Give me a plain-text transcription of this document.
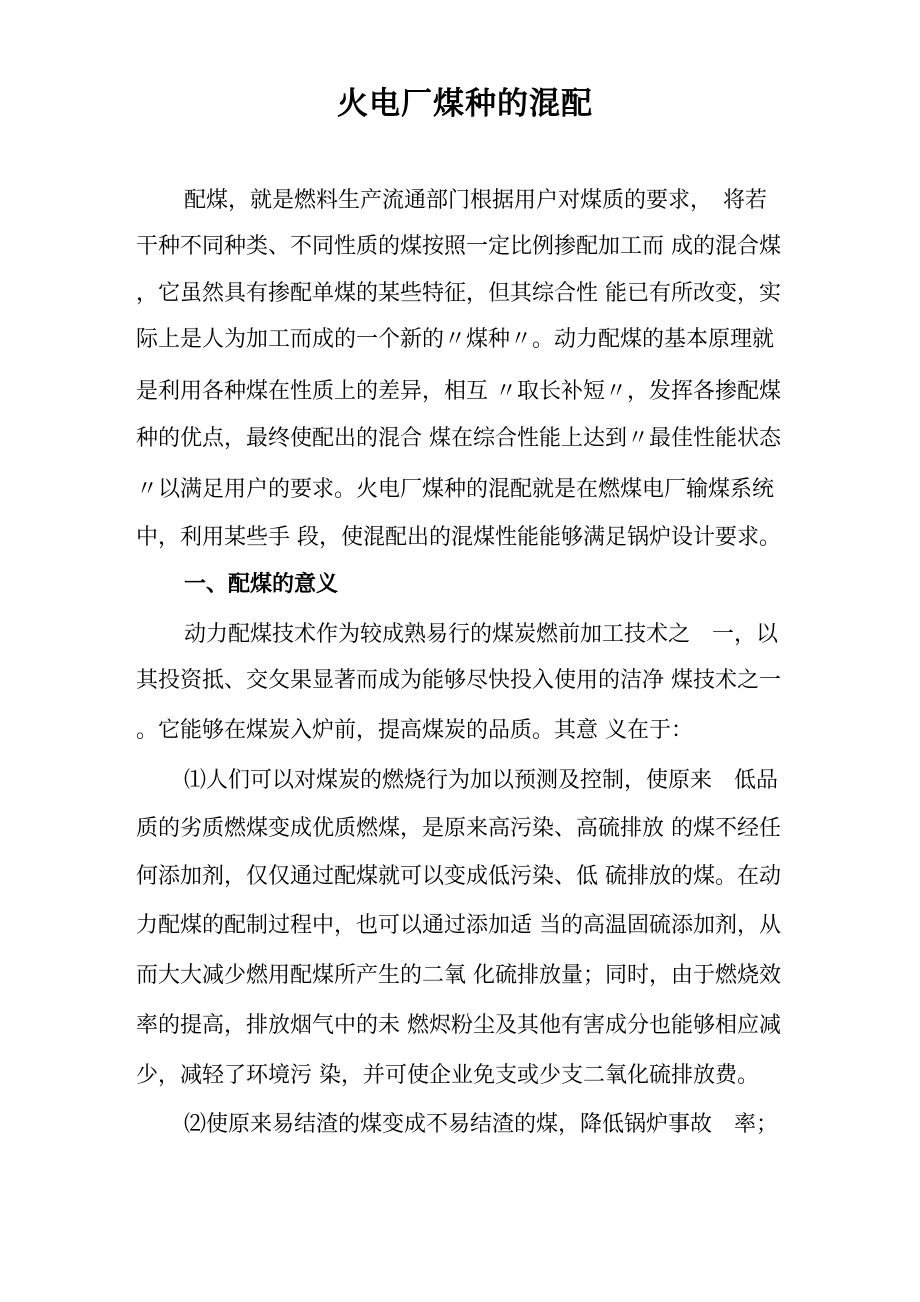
火电厂煤种的混配
配煤，就是燃料生产流通部门根据用户对煤质的要求，　将若
干种不同种类、不同性质的煤按照一定比例掺配加工而 成的混合煤
，它虽然具有掺配单煤的某些特征，但其综合性 能已有所改变，实
际上是人为加工而成的一个新的〃煤种〃。动力配煤的基本原理就
是利用各种煤在性质上的差异，相互 〃取长补短〃，发挥各掺配煤
种的优点，最终使配出的混合 煤在综合性能上达到〃最佳性能状态
〃以满足用户的要求。火电厂煤种的混配就是在燃煤电厂输煤系统
中，利用某些手 段，使混配出的混煤性能能够满足锅炉设计要求。
一、配煤的意义
动力配煤技术作为较成熟易行的煤炭燃前加工技术之　一，以
其投资抵、交攵果显著而成为能够尽快投入使用的洁净 煤技术之一
。它能够在煤炭入炉前，提高煤炭的品质。其意 义在于：
⑴人们可以对煤炭的燃烧行为加以预测及控制，使原来　低品
质的劣质燃煤变成优质燃煤，是原来高污染、高硫排放 的煤不经任
何添加剂，仅仅通过配煤就可以变成低污染、低 硫排放的煤。在动
力配煤的配制过程中，也可以通过添加适 当的高温固硫添加剂，从
而大大减少燃用配煤所产生的二氧 化硫排放量；同时，由于燃烧效
率的提高，排放烟气中的未 燃烬粉尘及其他有害成分也能够相应减
少，减轻了环境污 染，并可使企业免支或少支二氧化硫排放费。
⑵使原来易结渣的煤变成不易结渣的煤，降低锅炉事故　率；
